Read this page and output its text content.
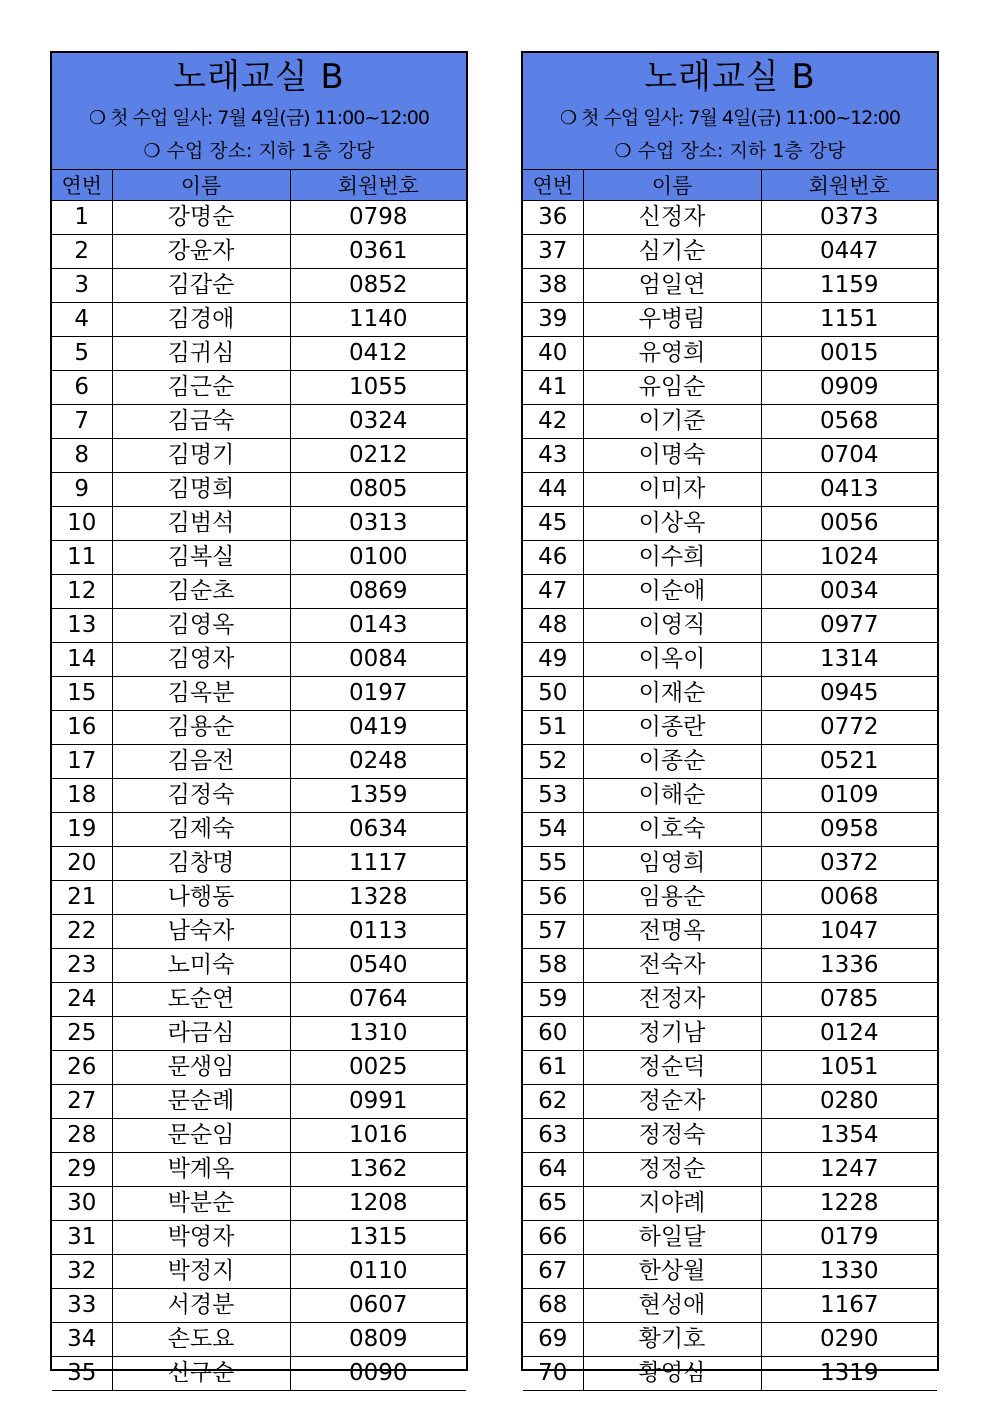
노래교실 B
❍ 첫 수업 일사: 7월 4일(금) 11:00~12:00
❍ 수업 장소: 지하 1층 강당
연번	이름	회원번호
1	강명순	0798
2	강윤자	0361
3	김갑순	0852
4	김경애	1140
5	김귀심	0412
6	김근순	1055
7	김금숙	0324
8	김명기	0212
9	김명희	0805
10	김범석	0313
11	김복실	0100
12	김순초	0869
13	김영옥	0143
14	김영자	0084
15	김옥분	0197
16	김용순	0419
17	김음전	0248
18	김정숙	1359
19	김제숙	0634
20	김창명	1117
21	나행동	1328
22	남숙자	0113
23	노미숙	0540
24	도순연	0764
25	라금심	1310
26	문생임	0025
27	문순례	0991
28	문순임	1016
29	박계옥	1362
30	박분순	1208
31	박영자	1315
32	박정지	0110
33	서경분	0607
34	손도요	0809
35	신구순	0090
노래교실 B
❍ 첫 수업 일사: 7월 4일(금) 11:00~12:00
❍ 수업 장소: 지하 1층 강당
연번	이름	회원번호
36	신정자	0373
37	심기순	0447
38	엄일연	1159
39	우병림	1151
40	유영희	0015
41	유임순	0909
42	이기준	0568
43	이명숙	0704
44	이미자	0413
45	이상옥	0056
46	이수희	1024
47	이순애	0034
48	이영직	0977
49	이옥이	1314
50	이재순	0945
51	이종란	0772
52	이종순	0521
53	이해순	0109
54	이호숙	0958
55	임영희	0372
56	임용순	0068
57	전명옥	1047
58	전숙자	1336
59	전정자	0785
60	정기남	0124
61	정순덕	1051
62	정순자	0280
63	정정숙	1354
64	정정순	1247
65	지야례	1228
66	하일달	0179
67	한상월	1330
68	현성애	1167
69	황기호	0290
70	황영심	1319
